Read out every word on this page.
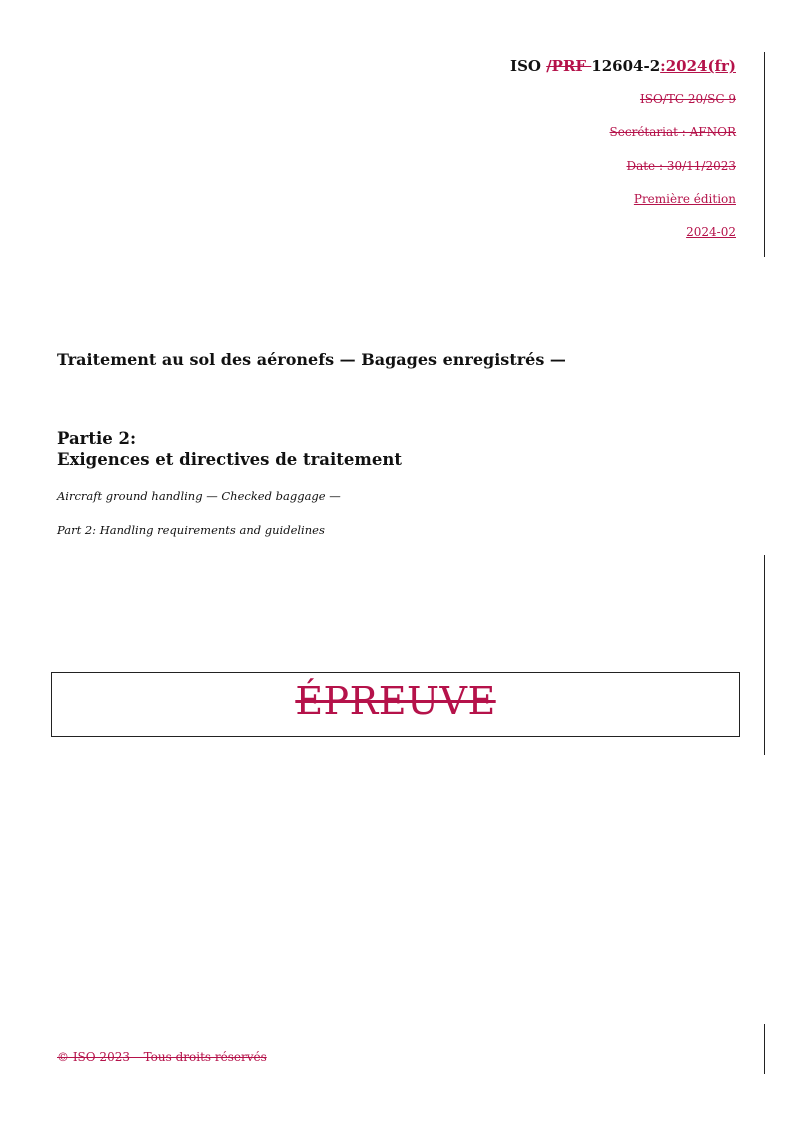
ISO /PRF 12604-2:2024(fr)
ISO/TC 20/SC 9
Secrétariat : AFNOR
Date : 30/11/2023
Première édition
2024-02
Traitement au sol des aéronefs — Bagages enregistrés —
Partie 2:
Exigences et directives de traitement
Aircraft ground handling — Checked baggage —
Part 2: Handling requirements and guidelines
ÉPREUVE
© ISO 2023 – Tous droits réservés
